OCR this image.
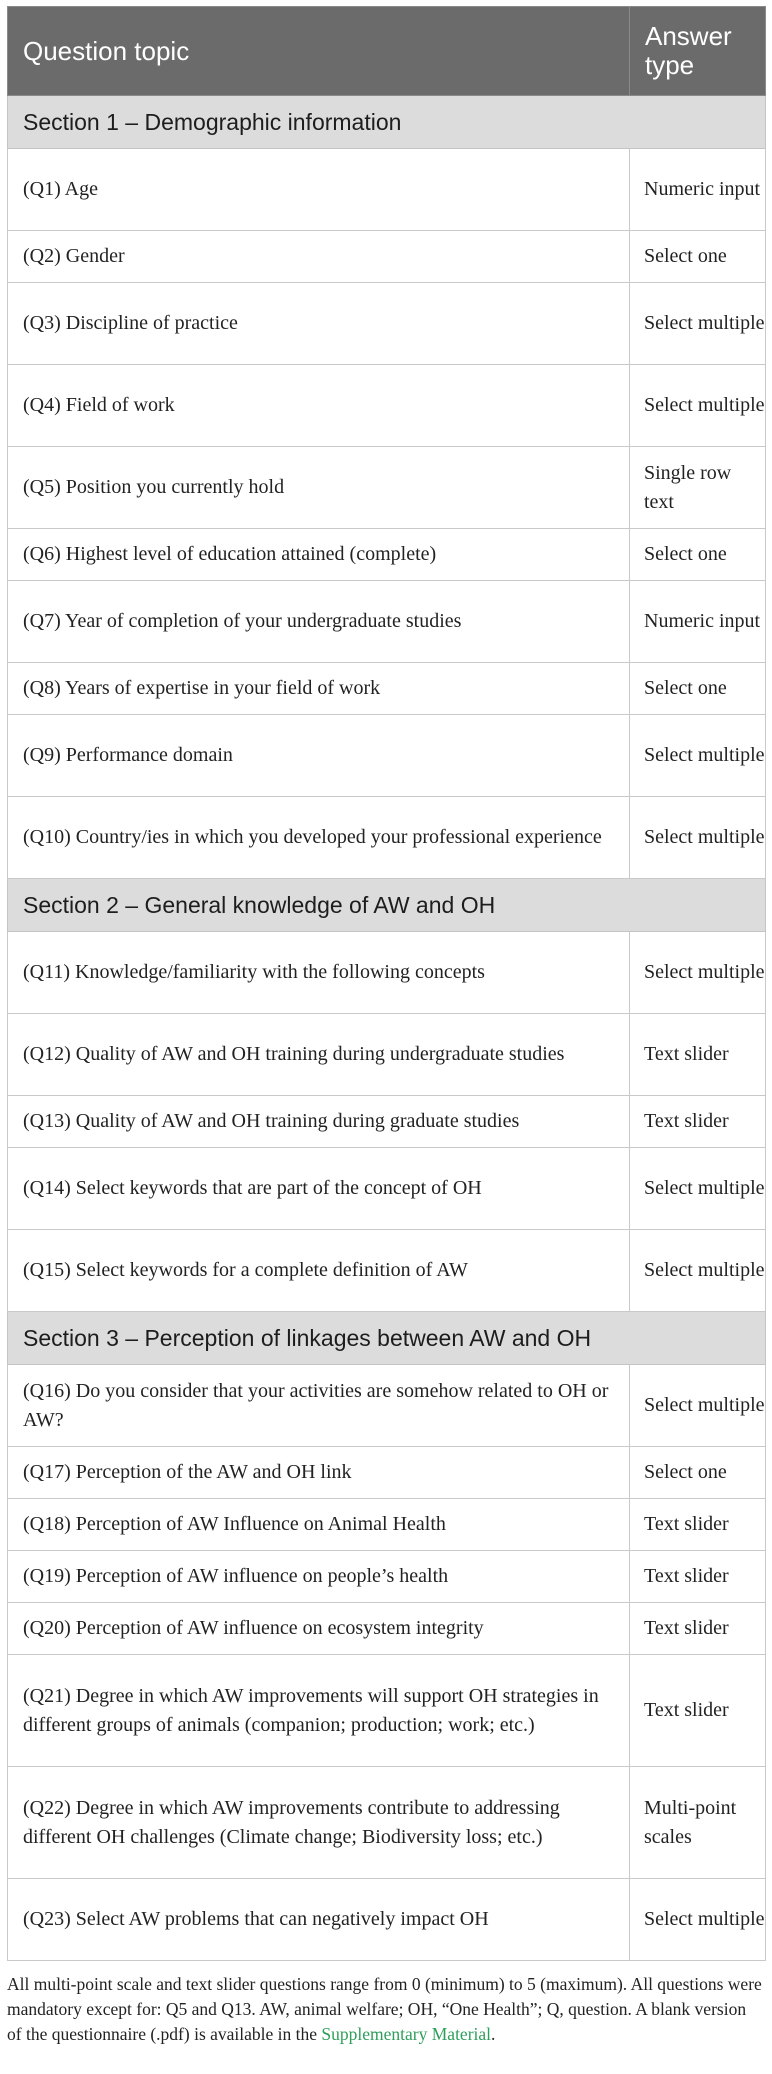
Question topic	Answer type
Section 1 – Demographic information	
(Q1) Age	Numeric input
(Q2) Gender	Select one
(Q3) Discipline of practice	Select multiple
(Q4) Field of work	Select multiple
(Q5) Position you currently hold	Single row text
(Q6) Highest level of education attained (complete)	Select one
(Q7) Year of completion of your undergraduate studies	Numeric input
(Q8) Years of expertise in your field of work	Select one
(Q9) Performance domain	Select multiple
(Q10) Country/ies in which you developed your professional experience	Select multiple
Section 2 – General knowledge of AW and OH	
(Q11) Knowledge/familiarity with the following concepts	Select multiple
(Q12) Quality of AW and OH training during undergraduate studies	Text slider
(Q13) Quality of AW and OH training during graduate studies	Text slider
(Q14) Select keywords that are part of the concept of OH	Select multiple
(Q15) Select keywords for a complete definition of AW	Select multiple
Section 3 – Perception of linkages between AW and OH	
(Q16) Do you consider that your activities are somehow related to OH or AW?	Select multiple
(Q17) Perception of the AW and OH link	Select one
(Q18) Perception of AW Influence on Animal Health	Text slider
(Q19) Perception of AW influence on people’s health	Text slider
(Q20) Perception of AW influence on ecosystem integrity	Text slider
(Q21) Degree in which AW improvements will support OH strategies in different groups of animals (companion; production; work; etc.)	Text slider
(Q22) Degree in which AW improvements contribute to addressing different OH challenges (Climate change; Biodiversity loss; etc.)	Multi-point scales
(Q23) Select AW problems that can negatively impact OH	Select multiple
All multi-point scale and text slider questions range from 0 (minimum) to 5 (maximum). All questions were mandatory except for: Q5 and Q13. AW, animal welfare; OH, “One Health”; Q, question. A blank version of the questionnaire (.pdf) is available in the Supplementary Material.
